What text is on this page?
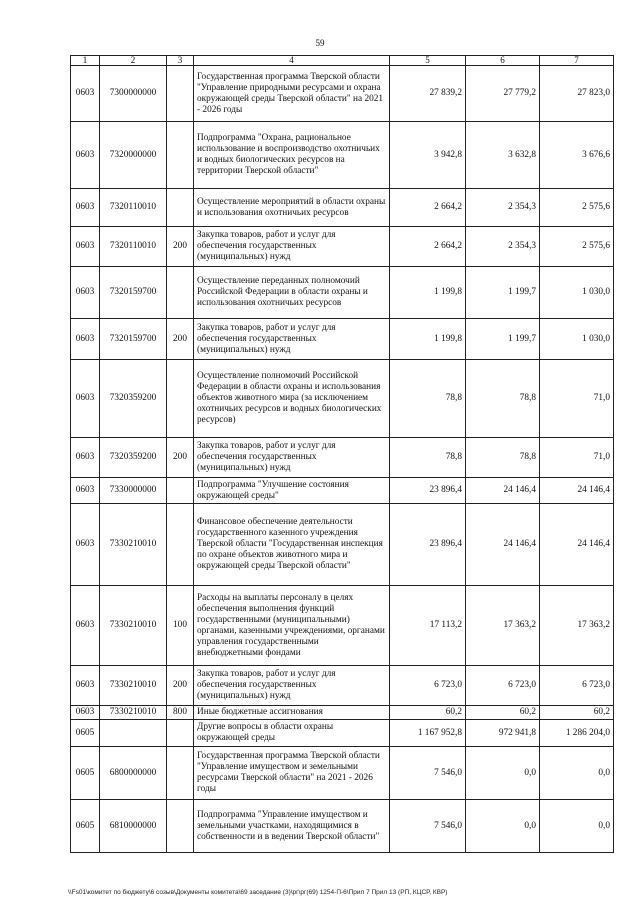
59
1	2	3	4	5	6	7
0603	7300000000		Государственная программа Тверской области "Управление природными ресурсами и охрана окружающей среды Тверской области" на 2021 - 2026 годы	27 839,2	27 779,2	27 823,0
0603	7320000000		Подпрограмма "Охрана, рациональное использование и воспроизводство охотничьих и водных биологических ресурсов на территории Тверской области"	3 942,8	3 632,8	3 676,6
0603	7320110010		Осуществление мероприятий в области охраны и использования охотничьих ресурсов	2 664,2	2 354,3	2 575,6
0603	7320110010	200	Закупка товаров, работ и услуг для обеспечения государственных (муниципальных) нужд	2 664,2	2 354,3	2 575,6
0603	7320159700		Осуществление переданных полномочий Российской Федерации в области охраны и использования охотничьих ресурсов	1 199,8	1 199,7	1 030,0
0603	7320159700	200	Закупка товаров, работ и услуг для обеспечения государственных (муниципальных) нужд	1 199,8	1 199,7	1 030,0
0603	7320359200		Осуществление полномочий Российской Федерации в области охраны и использования объектов животного мира (за исключением охотничьих ресурсов и водных биологических ресурсов)	78,8	78,8	71,0
0603	7320359200	200	Закупка товаров, работ и услуг для обеспечения государственных (муниципальных) нужд	78,8	78,8	71,0
0603	7330000000		Подпрограмма "Улучшение состояния окружающей среды"	23 896,4	24 146,4	24 146,4
0603	7330210010		Финансовое обеспечение деятельности государственного казенного учреждения Тверской области "Государственная инспекция по охране объектов животного мира и окружающей среды Тверской области"	23 896,4	24 146,4	24 146,4
0603	7330210010	100	Расходы на выплаты персоналу в целях обеспечения выполнения функций государственными (муниципальными) органами, казенными учреждениями, органами управления государственными внебюджетными фондами	17 113,2	17 363,2	17 363,2
0603	7330210010	200	Закупка товаров, работ и услуг для обеспечения государственных (муниципальных) нужд	6 723,0	6 723,0	6 723,0
0603	7330210010	800	Иные бюджетные ассигнования	60,2	60,2	60,2
0605			Другие вопросы в области охраны окружающей среды	1 167 952,8	972 941,8	1 286 204,0
0605	6800000000		Государственная программа Тверской области "Управление имуществом и земельными ресурсами Тверской области" на 2021 - 2026 годы	7 546,0	0,0	0,0
0605	6810000000		Подпрограмма "Управление имуществом и земельными участками, находящимися в собственности и в ведении Тверской области"	7 546,0	0,0	0,0
\\Fs01\комитет по бюджету\6 созыв\Документы комитета\69 заседание (3)\рг\рг(69) 1254-П-6\Прил 7 Прил 13 (РП, КЦСР, КВР)
